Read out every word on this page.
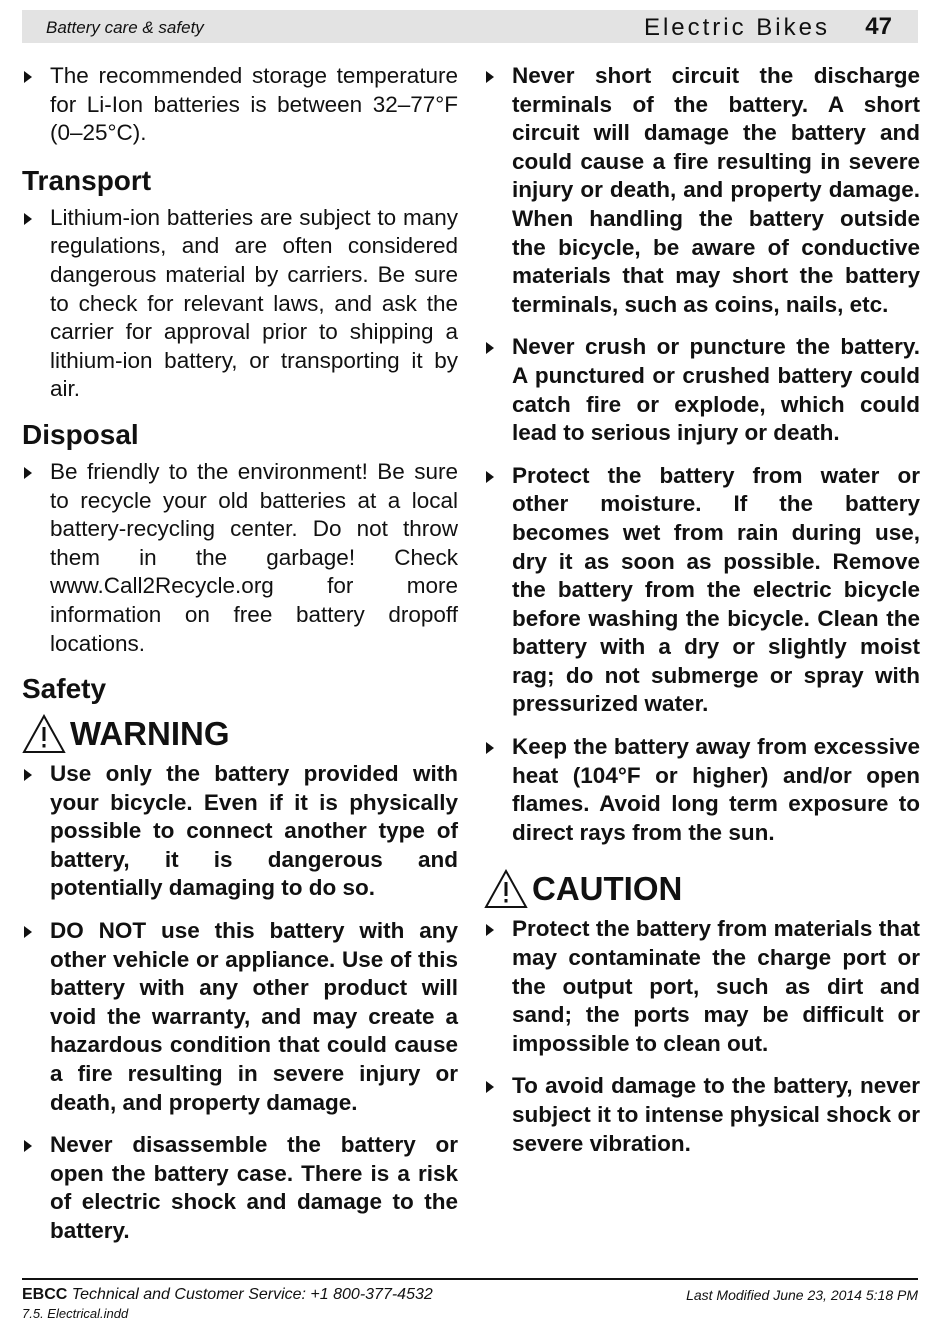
Battery care & safety	Electric Bikes 47
The recommended storage temperature for Li-Ion batteries is between 32–77°F (0–25°C).
Transport
Lithium-ion batteries are subject to many regulations, and are often considered dangerous material by carriers. Be sure to check for relevant laws, and ask the carrier for approval prior to shipping a lithium-ion battery, or transporting it by air.
Disposal
Be friendly to the environment! Be sure to recycle your old batteries at a local battery-recycling center. Do not throw them in the garbage! Check www.Call2Recycle.org for more information on free battery dropoff locations.
Safety
WARNING
Use only the battery provided with your bicycle. Even if it is physically possible to connect another type of battery, it is dangerous and potentially damaging to do so.
DO NOT use this battery with any other vehicle or appliance. Use of this battery with any other product will void the warranty, and may create a hazardous condition that could cause a fire resulting in severe injury or death, and property damage.
Never disassemble the battery or open the battery case. There is a risk of electric shock and damage to the battery.
Never short circuit the discharge terminals of the battery. A short circuit will damage the battery and could cause a fire resulting in severe injury or death, and property damage. When handling the battery outside the bicycle, be aware of conductive materials that may short the battery terminals, such as coins, nails, etc.
Never crush or puncture the battery. A punctured or crushed battery could catch fire or explode, which could lead to serious injury or death.
Protect the battery from water or other moisture. If the battery becomes wet from rain during use, dry it as soon as possible. Remove the battery from the electric bicycle before washing the bicycle. Clean the battery with a dry or slightly moist rag; do not submerge or spray with pressurized water.
Keep the battery away from excessive heat (104°F or higher) and/or open flames. Avoid long term exposure to direct rays from the sun.
CAUTION
Protect the battery from materials that may contaminate the charge port or the output port, such as dirt and sand; the ports may be difficult or impossible to clean out.
To avoid damage to the battery, never subject it to intense physical shock or severe vibration.
EBCC Technical and Customer Service: +1 800-377-4532
7.5. Electrical.indd
Last Modified June 23, 2014 5:18 PM
